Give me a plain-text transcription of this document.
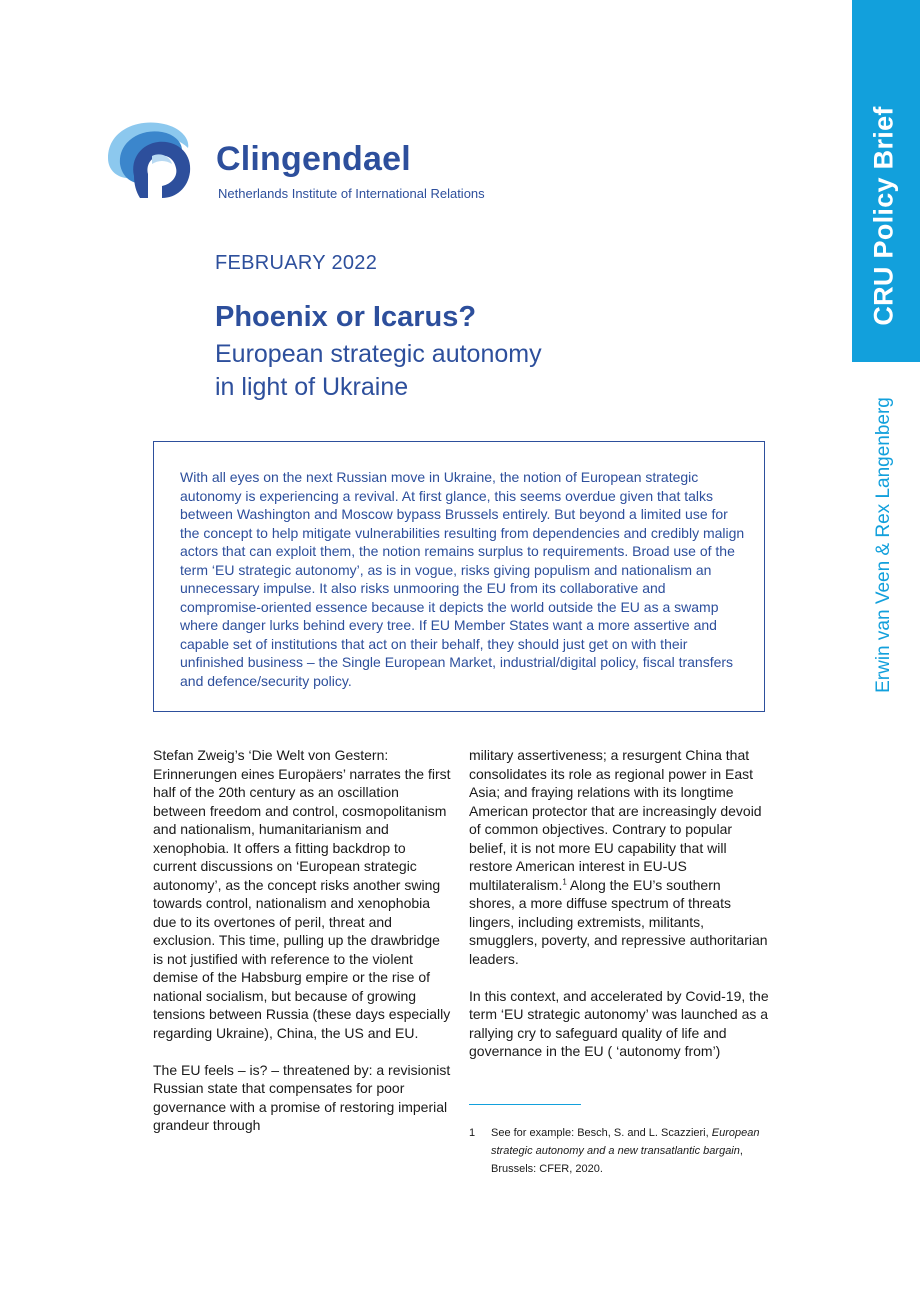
CRU Policy Brief
Erwin van Veen & Rex Langenberg
Clingendael
Netherlands Institute of International Relations
FEBRUARY 2022
Phoenix or Icarus?
European strategic autonomy
in light of Ukraine
With all eyes on the next Russian move in Ukraine, the notion of European strategic autonomy is experiencing a revival. At first glance, this seems overdue given that talks between Washington and Moscow bypass Brussels entirely. But beyond a limited use for the concept to help mitigate vulnerabilities resulting from dependencies and credibly malign actors that can exploit them, the notion remains surplus to requirements. Broad use of the term ‘EU strategic autonomy’, as is in vogue, risks giving populism and nationalism an unnecessary impulse. It also risks unmooring the EU from its collaborative and compromise-oriented essence because it depicts the world outside the EU as a swamp where danger lurks behind every tree. If EU Member States want a more assertive and capable set of institutions that act on their behalf, they should just get on with their unfinished business – the Single European Market, industrial/digital policy, fiscal transfers and defence/security policy.

Stefan Zweig’s ‘Die Welt von Gestern: Erinnerungen eines Europäers’ narrates the first half of the 20th century as an oscillation between freedom and control, cosmopolitanism and nationalism, humanitarianism and xenophobia. It offers a fitting backdrop to current discussions on ‘European strategic autonomy’, as the concept risks another swing towards control, nationalism and xenophobia due to its overtones of peril, threat and exclusion. This time, pulling up the drawbridge is not justified with reference to the violent demise of the Habsburg empire or the rise of national socialism, but because of growing tensions between Russia (these days especially regarding Ukraine), China, the US and EU.

The EU feels – is? – threatened by: a revisionist Russian state that compensates for poor governance with a promise of restoring imperial grandeur through

military assertiveness; a resurgent China that consolidates its role as regional power in East Asia; and fraying relations with its longtime American protector that are increasingly devoid of common objectives. Contrary to popular belief, it is not more EU capability that will restore American interest in EU-US multilateralism.$^1$ Along the EU’s southern shores, a more diffuse spectrum of threats lingers, including extremists, militants, smugglers, poverty, and repressive authoritarian leaders.

In this context, and accelerated by Covid-19, the term ‘EU strategic autonomy’ was launched as a rallying cry to safeguard quality of life and governance in the EU ( ‘autonomy from’)

1 See for example: Besch, S. and L. Scazzieri, European strategic autonomy and a new transatlantic bargain, Brussels: CFER, 2020.
